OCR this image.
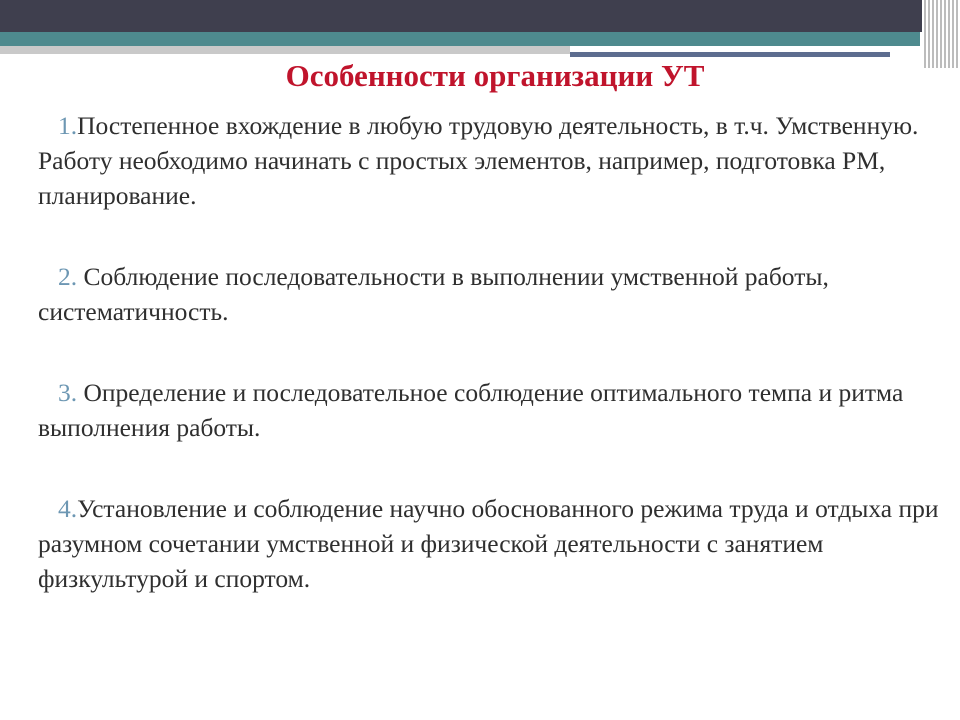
Особенности организации УТ
1.Постепенное вхождение в любую трудовую деятельность, в т.ч. Умственную. Работу необходимо начинать с простых элементов, например, подготовка РМ, планирование.
2. Соблюдение последовательности в выполнении умственной работы, систематичность.
3. Определение и последовательное соблюдение оптимального темпа и ритма выполнения работы.
4.Установление и соблюдение научно обоснованного режима труда и отдыха при разумном сочетании умственной и физической деятельности с занятием физкультурой и спортом.
